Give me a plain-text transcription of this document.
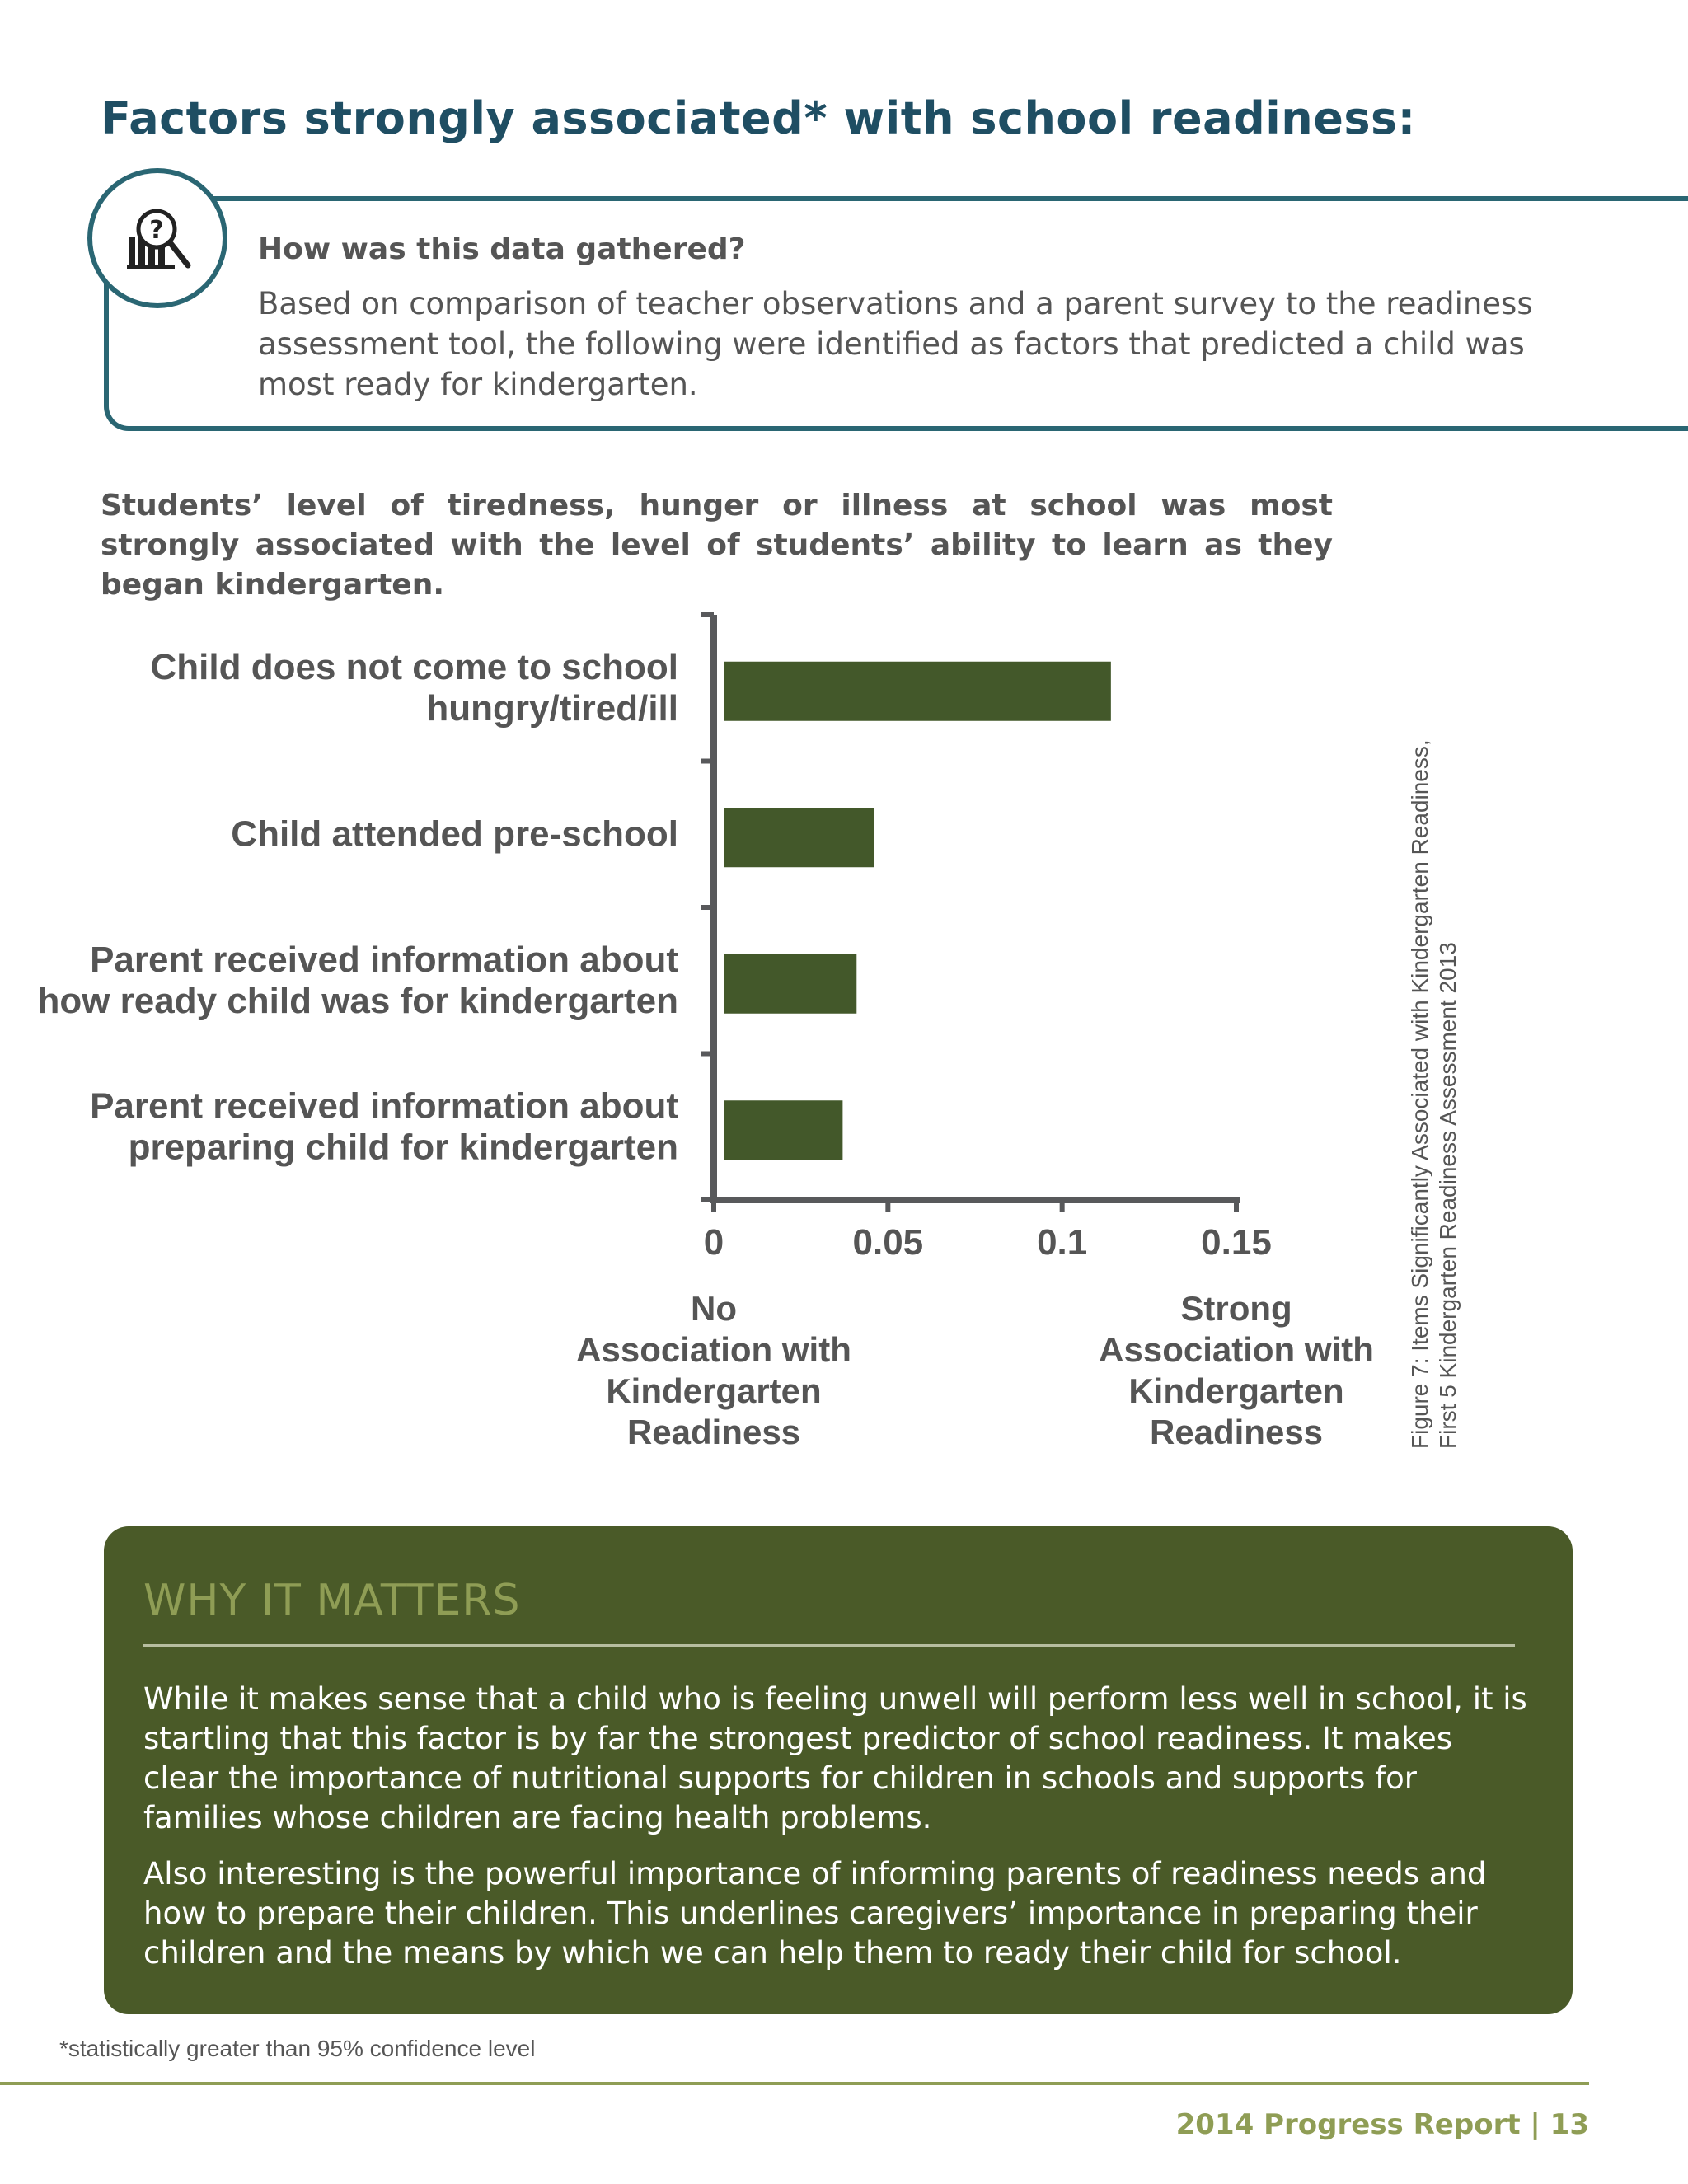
Factors strongly associated* with school readiness:
?

How was this data gathered?

Based on comparison of teacher observations and a parent survey to the readiness assessment tool, the following were identified as factors that predicted a child was most ready for kindergarten.

Students’ level of tiredness, hunger or illness at school was most strongly associated with the level of students’ ability to learn as they began kindergarten.

Child does not come to school
hungry/tired/ill
Child attended pre-school
Parent received information about
how ready child was for kindergarten
Parent received information about
preparing child for kindergarten
0	0.05	0.1	0.15
No
Association with
Kindergarten
Readiness
Strong
Association with
Kindergarten
Readiness	Figure 7: Items Significantly Associated with Kindergarten Readiness, First 5 Kindergarten Readiness Assessment 2013
WHY IT MATTERS

While it makes sense that a child who is feeling unwell will perform less well in school, it is startling that this factor is by far the strongest predictor of school readiness. It makes clear the importance of nutritional supports for children in schools and supports for families whose children are facing health problems.

Also interesting is the powerful importance of informing parents of readiness needs and how to prepare their children. This underlines caregivers’ importance in preparing their children and the means by which we can help them to ready their child for school.

*statistically greater than 95% confidence level

2014 Progress Report | 13
